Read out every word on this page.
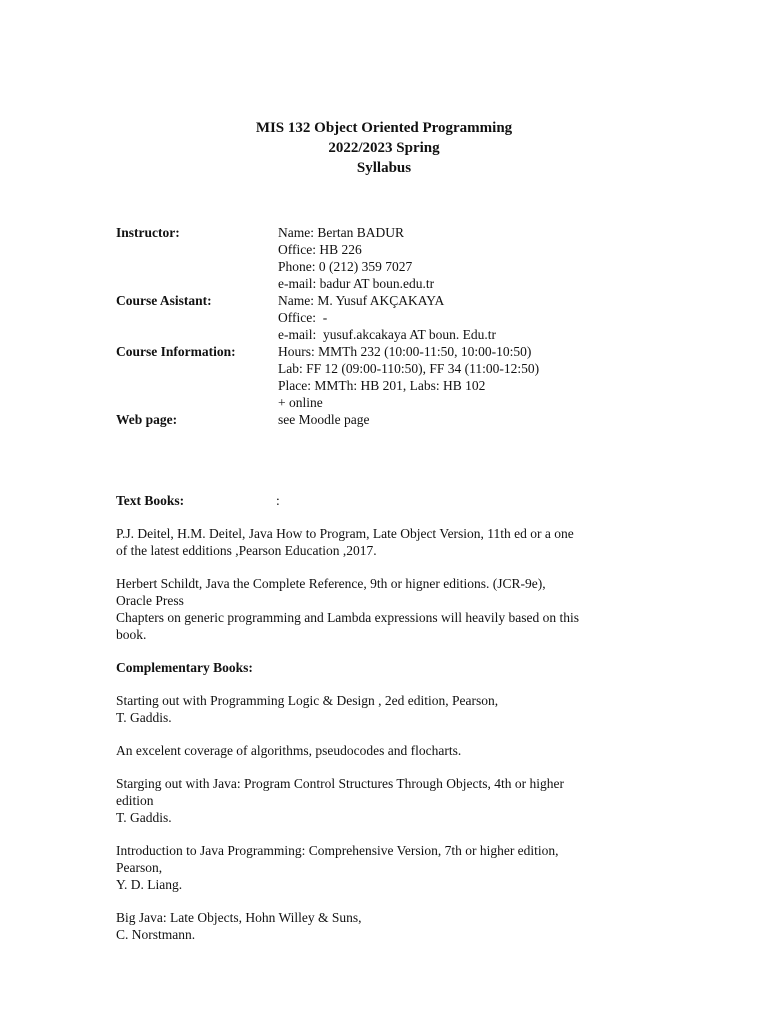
MIS 132 Object Oriented Programming
2022/2023 Spring
Syllabus
Instructor:	Name: Bertan BADUR
Office: HB 226
Phone: 0 (212) 359 7027
e-mail: badur AT boun.edu.tr
Course Asistant:	Name: M. Yusuf AKÇAKAYA
Office:  -
e-mail:  yusuf.akcakaya AT boun. Edu.tr
Course Information:	Hours: MMTh 232 (10:00-11:50, 10:00-10:50)
Lab: FF 12 (09:00-110:50), FF 34 (11:00-12:50)
Place: MMTh: HB 201, Labs: HB 102
+ online
Web page:	see Moodle page
Text Books:	:
P.J. Deitel, H.M. Deitel, Java How to Program, Late Object Version, 11th ed or a one
of the latest edditions ,Pearson Education ,2017.
Herbert Schildt, Java the Complete Reference, 9th or higner editions. (JCR-9e),
Oracle Press
Chapters on generic programming and Lambda expressions will heavily based on this
book.
Complementary Books:
Starting out with Programming Logic & Design , 2ed edition, Pearson,
T. Gaddis.
An excelent coverage of algorithms, pseudocodes and flocharts.
Starging out with Java: Program Control Structures Through Objects, 4th or higher
edition
T. Gaddis.
Introduction to Java Programming: Comprehensive Version, 7th or higher edition,
Pearson,
Y. D. Liang.
Big Java: Late Objects, Hohn Willey & Suns,
C. Norstmann.
